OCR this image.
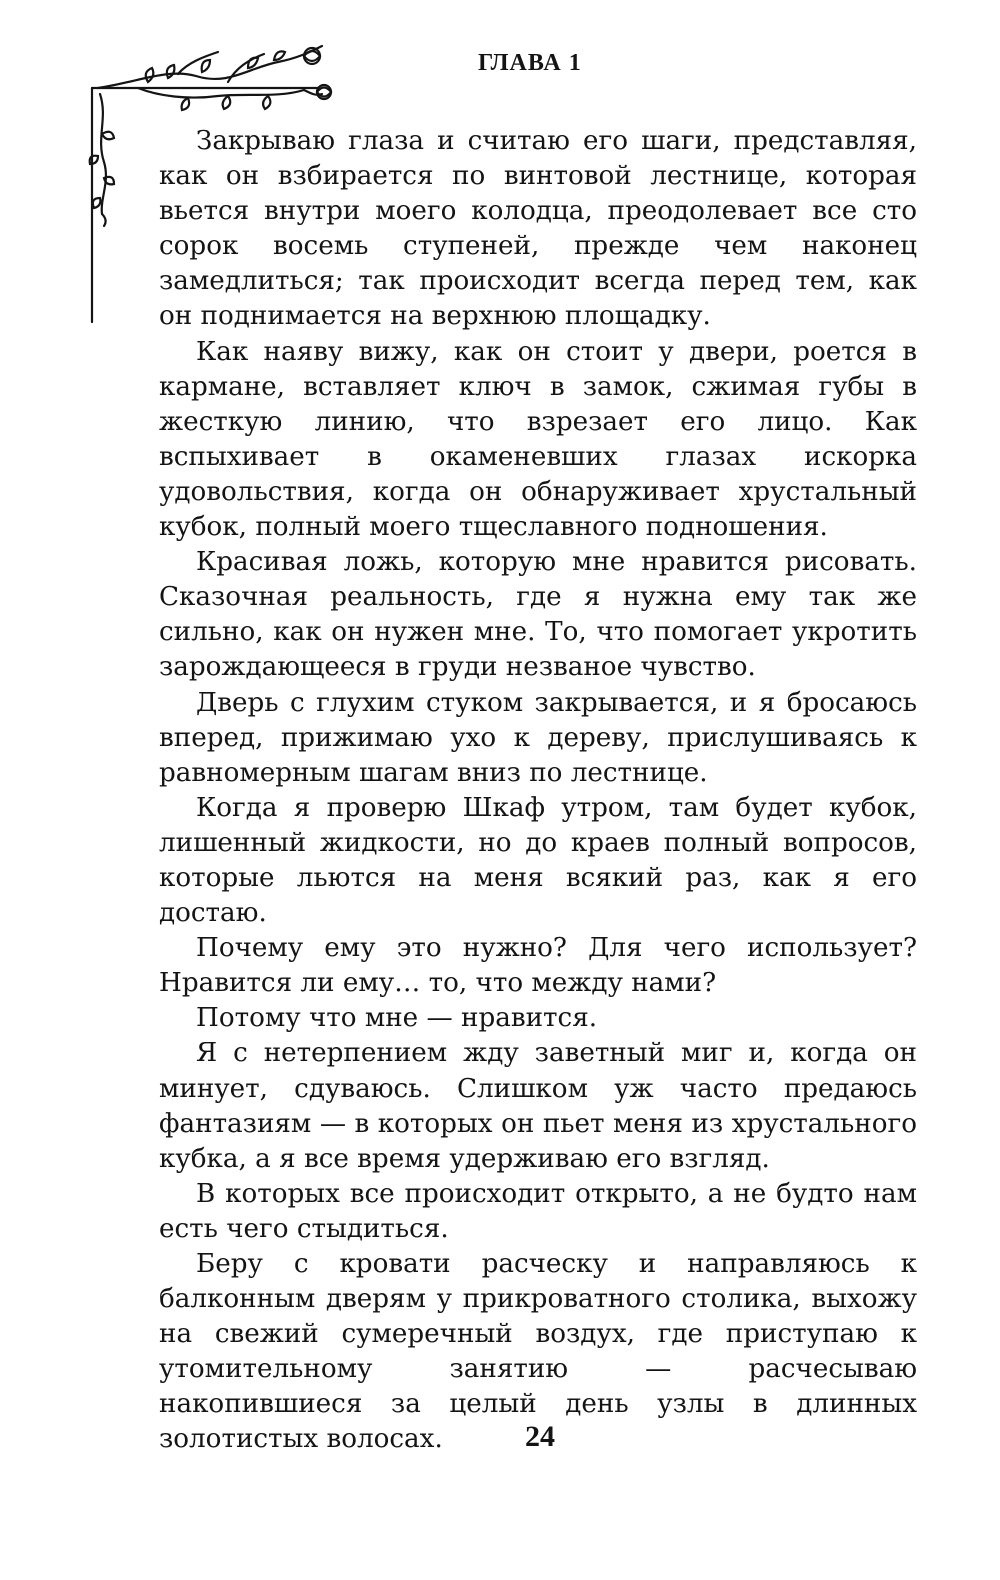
ГЛАВА 1

Закрываю глаза и считаю его шаги, представляя, как он взбирается по винтовой лестнице, которая вьется внутри моего колодца, преодолевает все сто сорок восемь ступеней, прежде чем наконец замедлиться; так происходит всегда перед тем, как он поднимается на верхнюю площадку.

Как наяву вижу, как он стоит у двери, роется в кармане, вставляет ключ в замок, сжимая губы в жесткую линию, что взрезает его лицо. Как вспыхивает в окаменевших глазах искорка удовольствия, когда он обнаруживает хрустальный кубок, полный моего тщеславного подношения.

Красивая ложь, которую мне нравится рисовать. Сказочная реальность, где я нужна ему так же сильно, как он нужен мне. То, что помогает укротить зарождающееся в груди незваное чувство.

Дверь с глухим стуком закрывается, и я бросаюсь вперед, прижимаю ухо к дереву, прислушиваясь к равномерным шагам вниз по лестнице.

Когда я проверю Шкаф утром, там будет кубок, лишенный жидкости, но до краев полный вопросов, которые льются на меня всякий раз, как я его достаю.

Почему ему это нужно? Для чего использует? Нравится ли ему… то, что между нами?

Потому что мне — нравится.

Я с нетерпением жду заветный миг и, когда он минует, сдуваюсь. Слишком уж часто предаюсь фантазиям — в которых он пьет меня из хрустального кубка, а я все время удерживаю его взгляд.

В которых все происходит открыто, а не будто нам есть чего стыдиться.

Беру с кровати расческу и направляюсь к балконным дверям у прикроватного столика, выхожу на свежий сумеречный воздух, где приступаю к утомительному занятию — расчесываю накопившиеся за целый день узлы в длинных золотистых волосах.	24
